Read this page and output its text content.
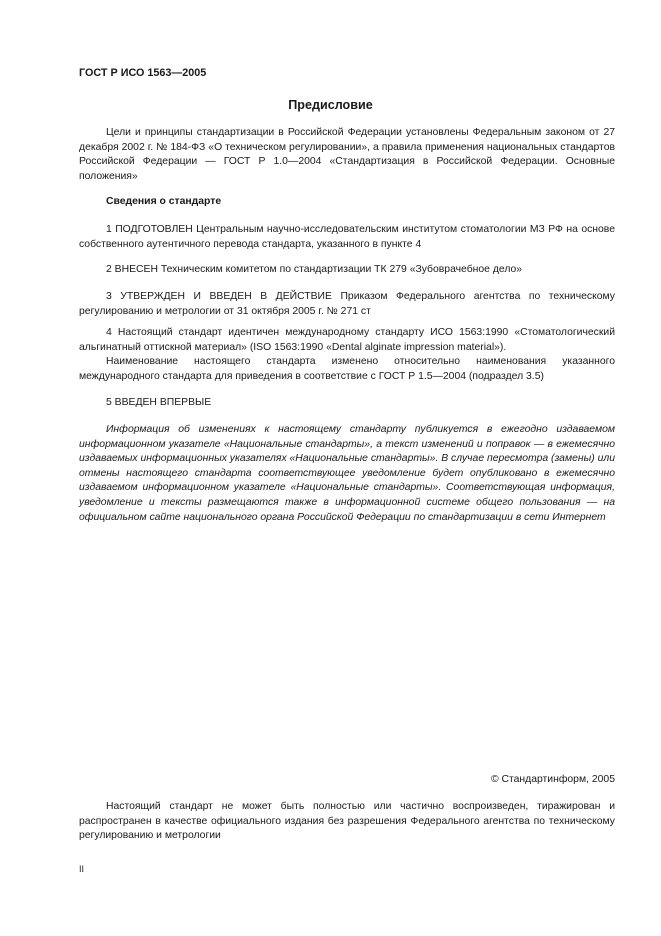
ГОСТ Р ИСО 1563—2005
Предисловие

Цели и принципы стандартизации в Российской Федерации установлены Федеральным законом от 27 декабря 2002 г. № 184-ФЗ «О техническом регулировании», а правила применения национальных стандартов Российской Федерации — ГОСТ Р 1.0—2004 «Стандартизация в Российской Федерации. Основные положения»

Сведения о стандарте

1 ПОДГОТОВЛЕН Центральным научно-исследовательским институтом стоматологии МЗ РФ на основе собственного аутентичного перевода стандарта, указанного в пункте 4

2 ВНЕСЕН Техническим комитетом по стандартизации ТК 279 «Зубоврачебное дело»

3 УТВЕРЖДЕН И ВВЕДЕН В ДЕЙСТВИЕ Приказом Федерального агентства по техническому регулированию и метрологии от 31 октября 2005 г. № 271 ст

4 Настоящий стандарт идентичен международному стандарту ИСО 1563:1990 «Стоматологический альгинатный оттискной материал» (ISO 1563:1990 «Dental alginate impression material»).

Наименование настоящего стандарта изменено относительно наименования указанного международного стандарта для приведения в соответствие с ГОСТ Р 1.5—2004 (подраздел 3.5)

5 ВВЕДЕН ВПЕРВЫЕ

Информация об изменениях к настоящему стандарту публикуется в ежегодно издаваемом информационном указателе «Национальные стандарты», а текст изменений и поправок — в ежемесячно издаваемых информационных указателях «Национальные стандарты». В случае пересмотра (замены) или отмены настоящего стандарта соответствующее уведомление будет опубликовано в ежемесячно издаваемом информационном указателе «Национальные стандарты». Соответствующая информация, уведомление и тексты размещаются также в информационной системе общего пользования — на официальном сайте национального органа Российской Федерации по стандартизации в сети Интернет

© Стандартинформ, 2005

Настоящий стандарт не может быть полностью или частично воспроизведен, тиражирован и распространен в качестве официального издания без разрешения Федерального агентства по техническому регулированию и метрологии

II
